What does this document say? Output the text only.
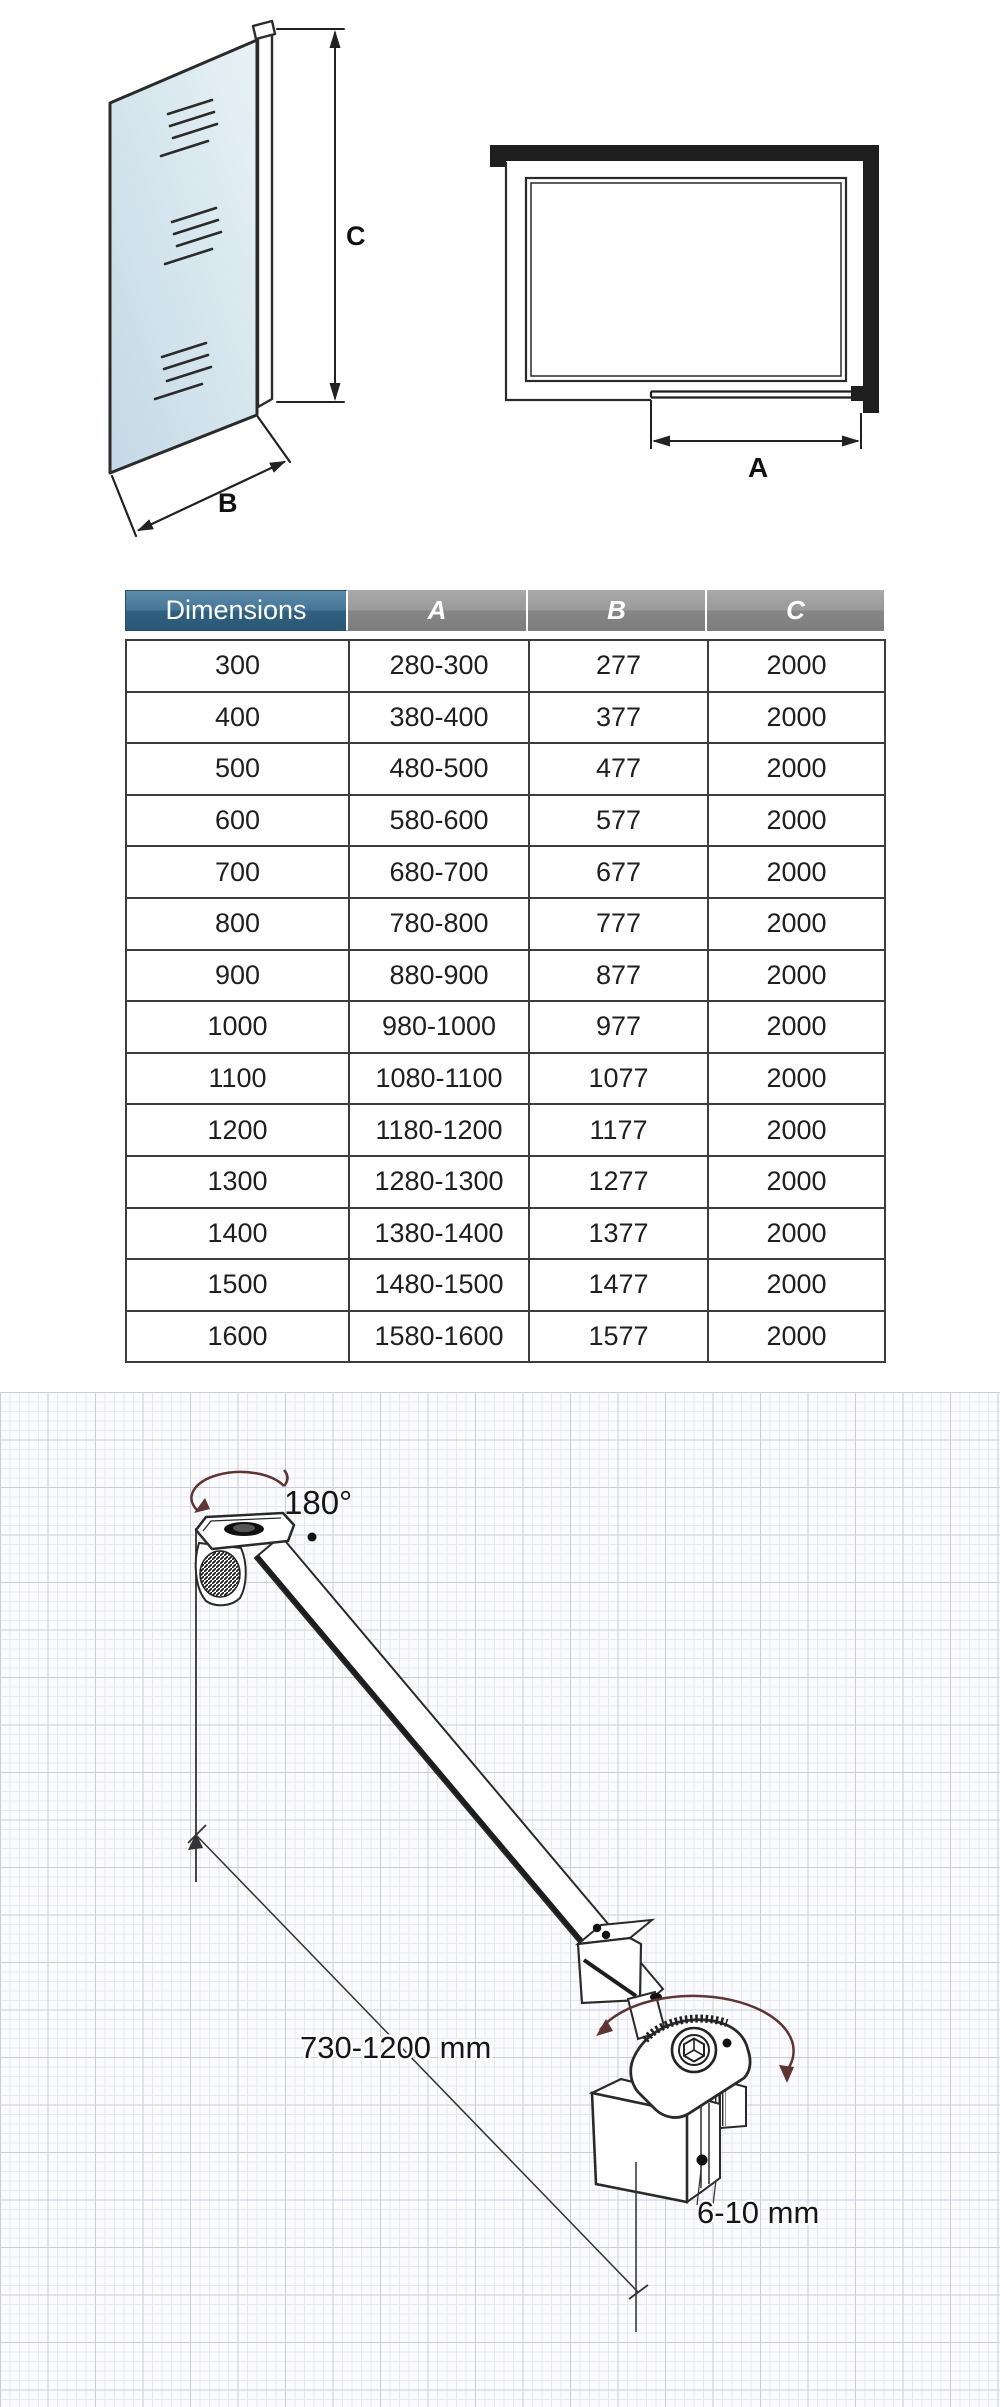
C
B
A
Dimensions	A	B	C
300	280-300	277	2000
400	380-400	377	2000
500	480-500	477	2000
600	580-600	577	2000
700	680-700	677	2000
800	780-800	777	2000
900	880-900	877	2000
1000	980-1000	977	2000
1100	1080-1100	1077	2000
1200	1180-1200	1177	2000
1300	1280-1300	1277	2000
1400	1380-1400	1377	2000
1500	1480-1500	1477	2000
1600	1580-1600	1577	2000
180°
730-1200 mm
6-10 mm
